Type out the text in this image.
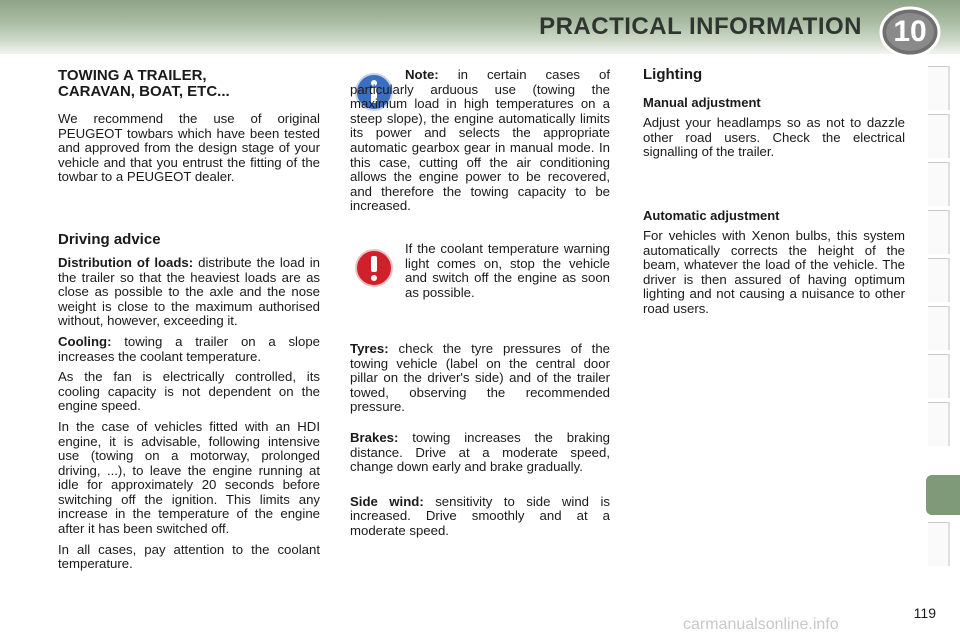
PRACTICAL INFORMATION	10
TOWING A TRAILER,
CARAVAN, BOAT, ETC...

We recommend the use of original PEUGEOT towbars which have been tested and approved from the design stage of your vehicle and that you entrust the fitting of the towbar to a PEUGEOT dealer.

Driving advice

Distribution of loads: distribute the load in the trailer so that the heaviest loads are as close as possible to the axle and the nose weight is close to the maximum authorised without, however, exceeding it.

Cooling: towing a trailer on a slope increases the coolant temperature.

As the fan is electrically controlled, its cooling capacity is not dependent on the engine speed.

In the case of vehicles fitted with an HDI engine, it is advisable, following intensive use (towing on a motorway, prolonged driving, ...), to leave the engine running at idle for approximately 20 seconds before switching off the ignition. This limits any increase in the temperature of the engine after it has been switched off.

In all cases, pay attention to the coolant temperature.

Note: in certain cases of particularly arduous use (towing the maximum load in high temperatures on a steep slope), the engine automatically limits its power and selects the appropriate automatic gearbox gear in manual mode. In this case, cutting off the air conditioning allows the engine power to be recovered, and therefore the towing capacity to be increased.

If the coolant temperature warning light comes on, stop the vehicle and switch off the engine as soon as possible.

Tyres: check the tyre pressures of the towing vehicle (label on the central door pillar on the driver's side) and of the trailer towed, observing the recommended pressure.

Brakes: towing increases the braking distance. Drive at a moderate speed, change down early and brake gradually.

Side wind: sensitivity to side wind is increased. Drive smoothly and at a moderate speed.

Lighting
Manual adjustment

Adjust your headlamps so as not to dazzle other road users. Check the electrical signalling of the trailer.

Automatic adjustment

For vehicles with Xenon bulbs, this system automatically corrects the height of the beam, whatever the load of the vehicle. The driver is then assured of having optimum lighting and not causing a nuisance to other road users.

119
carmanualsonline.info
